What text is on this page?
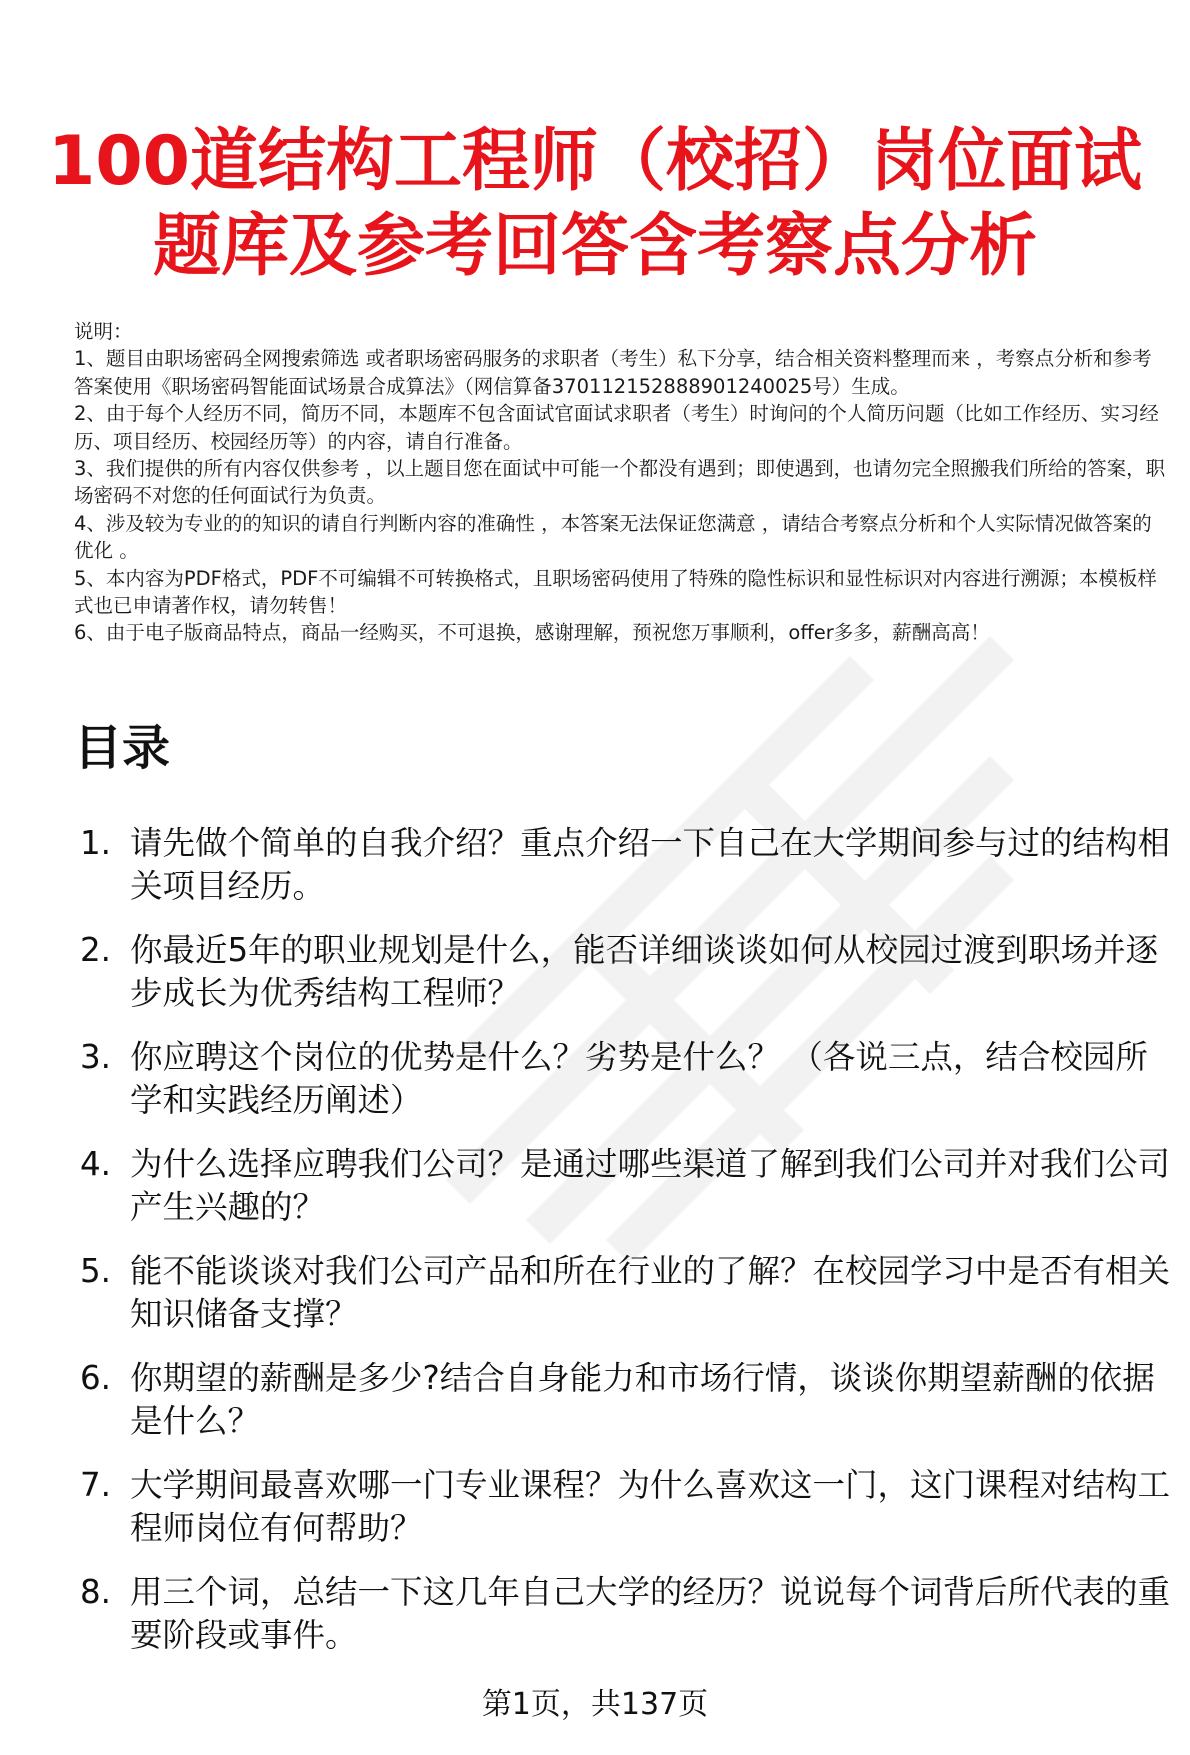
100道结构工程师（校招）岗位面试
题库及参考回答含考察点分析

说明：

1、题目由职场密码全网搜索筛选 或者职场密码服务的求职者（考生）私下分享，结合相关资料整理而来 ，考察点分析和参考答案使用《职场密码智能面试场景合成算法》（网信算备370112152888901240025号）生成。

2、由于每个人经历不同，简历不同，本题库不包含面试官面试求职者（考生）时询问的个人简历问题（比如工作经历、实习经历、项目经历、校园经历等）的内容，请自行准备。

3、我们提供的所有内容仅供参考 ，以上题目您在面试中可能一个都没有遇到；即使遇到，也请勿完全照搬我们所给的答案，职场密码不对您的任何面试行为负责。

4、涉及较为专业的的知识的请自行判断内容的准确性 ，本答案无法保证您满意 ，请结合考察点分析和个人实际情况做答案的优化 。

5、本内容为PDF格式，PDF不可编辑不可转换格式，且职场密码使用了特殊的隐性标识和显性标识对内容进行溯源；本模板样式也已申请著作权，请勿转售！

6、由于电子版商品特点，商品一经购买，不可退换，感谢理解，预祝您万事顺利，offer多多，薪酬高高！

目录
1. 请先做个简单的自我介绍？重点介绍一下自己在大学期间参与过的结构相关项目经历。
2. 你最近5年的职业规划是什么，能否详细谈谈如何从校园过渡到职场并逐步成长为优秀结构工程师？
3. 你应聘这个岗位的优势是什么？劣势是什么？ （各说三点，结合校园所学和实践经历阐述）
4. 为什么选择应聘我们公司？是通过哪些渠道了解到我们公司并对我们公司产生兴趣的？
5. 能不能谈谈对我们公司产品和所在行业的了解？在校园学习中是否有相关知识储备支撑？
6. 你期望的薪酬是多少?结合自身能力和市场行情，谈谈你期望薪酬的依据是什么？
7. 大学期间最喜欢哪一门专业课程？为什么喜欢这一门，这门课程对结构工程师岗位有何帮助？
8. 用三个词，总结一下这几年自己大学的经历？说说每个词背后所代表的重要阶段或事件。
第1页，共137页
